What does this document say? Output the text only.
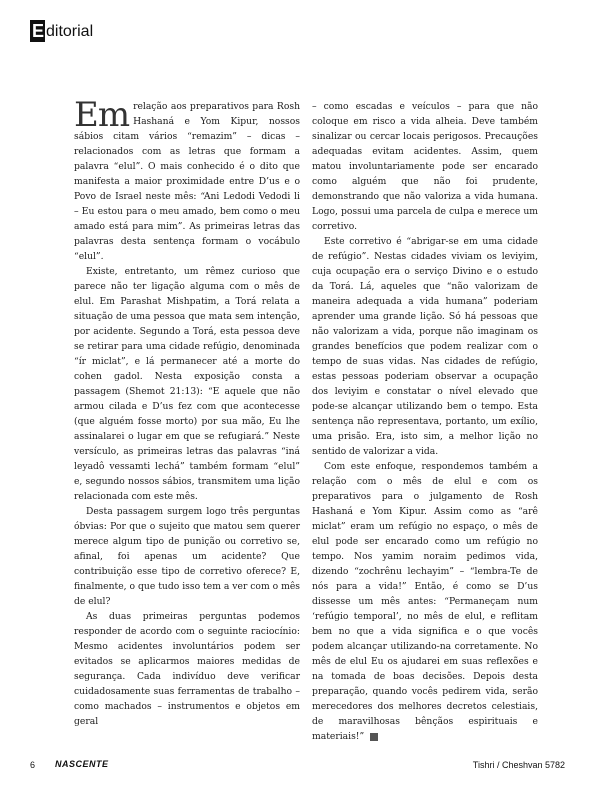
E ditorial

Em relação aos preparativos para Rosh Hashaná e Yom Kipur, nossos sábios citam vários “remazim” – dicas – relacionados com as letras que formam a palavra “elul”. O mais conhecido é o dito que manifesta a maior proximidade entre D’us e o Povo de Israel neste mês: “Ani Ledodi Vedodi li – Eu estou para o meu amado, bem como o meu amado está para mim”. As primeiras letras das palavras desta sentença formam o vocábulo “elul”.

Existe, entretanto, um rêmez curioso que parece não ter ligação alguma com o mês de elul. Em Parashat Mishpatim, a Torá relata a situação de uma pessoa que mata sem intenção, por acidente. Segundo a Torá, esta pessoa deve se retirar para uma cidade refúgio, denominada “ír miclat”, e lá permanecer até a morte do cohen gadol. Nesta exposição consta a passagem (Shemot 21:13): “E aquele que não armou cilada e D’us fez com que acontecesse (que alguém fosse morto) por sua mão, Eu lhe assinalarei o lugar em que se refugiará.” Neste versículo, as primeiras letras das palavras “iná leyadô vessamti lechá” também formam “elul” e, segundo nossos sábios, transmitem uma lição relacionada com este mês.

Desta passagem surgem logo três perguntas óbvias: Por que o sujeito que matou sem querer merece algum tipo de punição ou corretivo se, afinal, foi apenas um acidente? Que contribuição esse tipo de corretivo oferece? E, finalmente, o que tudo isso tem a ver com o mês de elul?

As duas primeiras perguntas podemos responder de acordo com o seguinte raciocínio: Mesmo acidentes involuntários podem ser evitados se aplicarmos maiores medidas de segurança. Cada indivíduo deve verificar cuidadosamente suas ferramentas de trabalho – como machados – instrumentos e objetos em geral

– como escadas e veículos – para que não coloque em risco a vida alheia. Deve também sinalizar ou cercar locais perigosos. Precauções adequadas evitam acidentes. Assim, quem matou involuntariamente pode ser encarado como alguém que não foi prudente, demonstrando que não valoriza a vida humana. Logo, possui uma parcela de culpa e merece um corretivo.

Este corretivo é “abrigar-se em uma cidade de refúgio”. Nestas cidades viviam os leviyim, cuja ocupação era o serviço Divino e o estudo da Torá. Lá, aqueles que “não valorizam de maneira adequada a vida humana” poderiam aprender uma grande lição. Só há pessoas que não valorizam a vida, porque não imaginam os grandes benefícios que podem realizar com o tempo de suas vidas. Nas cidades de refúgio, estas pessoas poderiam observar a ocupação dos leviyim e constatar o nível elevado que pode-se alcançar utilizando bem o tempo. Esta sentença não representava, portanto, um exílio, uma prisão. Era, isto sim, a melhor lição no sentido de valorizar a vida.

Com este enfoque, respondemos também a relação com o mês de elul e com os preparativos para o julgamento de Rosh Hashaná e Yom Kipur. Assim como as “arê miclat” eram um refúgio no espaço, o mês de elul pode ser encarado como um refúgio no tempo. Nos yamim noraim pedimos vida, dizendo “zochrênu lechayim” – “lembra-Te de nós para a vida!” Então, é como se D’us dissesse um mês antes: “Permaneçam num ‘refúgio temporal’, no mês de elul, e reflitam bem no que a vida significa e o que vocês podem alcançar utilizando-na corretamente. No mês de elul Eu os ajudarei em suas reflexões e na tomada de boas decisões. Depois desta preparação, quando vocês pedirem vida, serão merecedores dos melhores decretos celestiais, de maravilhosas bênçãos espirituais e materiais!”

6 NASCENTE	Tishri / Cheshvan 5782
